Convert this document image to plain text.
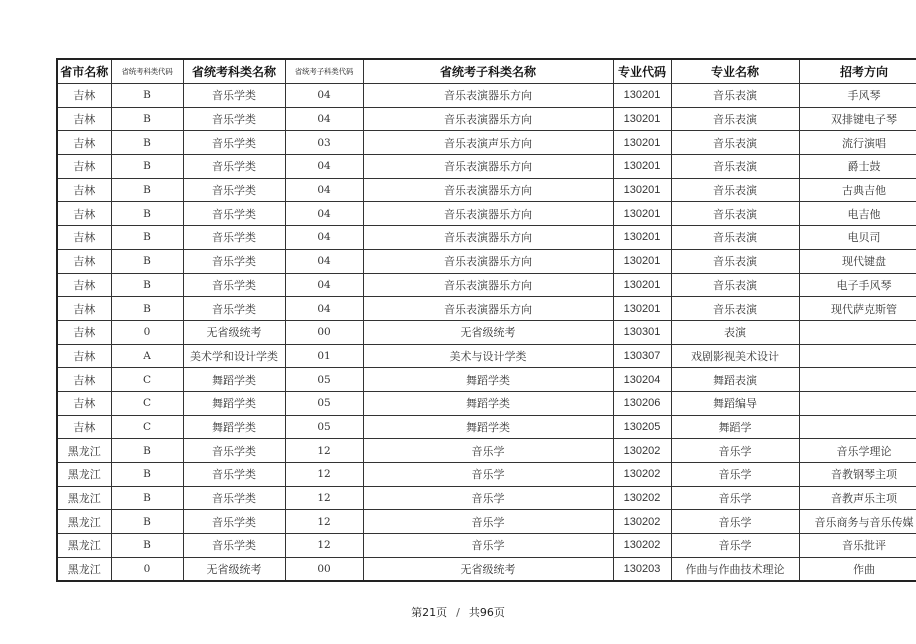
省市名称	省统考科类代码	省统考科类名称	省统考子科类代码	省统考子科类名称	专业代码	专业名称	招考方向
吉林	B	音乐学类	04	音乐表演器乐方向	130201	音乐表演	手风琴
吉林	B	音乐学类	04	音乐表演器乐方向	130201	音乐表演	双排键电子琴
吉林	B	音乐学类	03	音乐表演声乐方向	130201	音乐表演	流行演唱
吉林	B	音乐学类	04	音乐表演器乐方向	130201	音乐表演	爵士鼓
吉林	B	音乐学类	04	音乐表演器乐方向	130201	音乐表演	古典吉他
吉林	B	音乐学类	04	音乐表演器乐方向	130201	音乐表演	电吉他
吉林	B	音乐学类	04	音乐表演器乐方向	130201	音乐表演	电贝司
吉林	B	音乐学类	04	音乐表演器乐方向	130201	音乐表演	现代键盘
吉林	B	音乐学类	04	音乐表演器乐方向	130201	音乐表演	电子手风琴
吉林	B	音乐学类	04	音乐表演器乐方向	130201	音乐表演	现代萨克斯管
吉林	0	无省级统考	00	无省级统考	130301	表演	
吉林	A	美术学和设计学类	01	美术与设计学类	130307	戏剧影视美术设计	
吉林	C	舞蹈学类	05	舞蹈学类	130204	舞蹈表演	
吉林	C	舞蹈学类	05	舞蹈学类	130206	舞蹈编导	
吉林	C	舞蹈学类	05	舞蹈学类	130205	舞蹈学	
黑龙江	B	音乐学类	12	音乐学	130202	音乐学	音乐学理论
黑龙江	B	音乐学类	12	音乐学	130202	音乐学	音教钢琴主项
黑龙江	B	音乐学类	12	音乐学	130202	音乐学	音教声乐主项
黑龙江	B	音乐学类	12	音乐学	130202	音乐学	音乐商务与音乐传媒
黑龙江	B	音乐学类	12	音乐学	130202	音乐学	音乐批评
黑龙江	0	无省级统考	00	无省级统考	130203	作曲与作曲技术理论	作曲
第21页 / 共96页
